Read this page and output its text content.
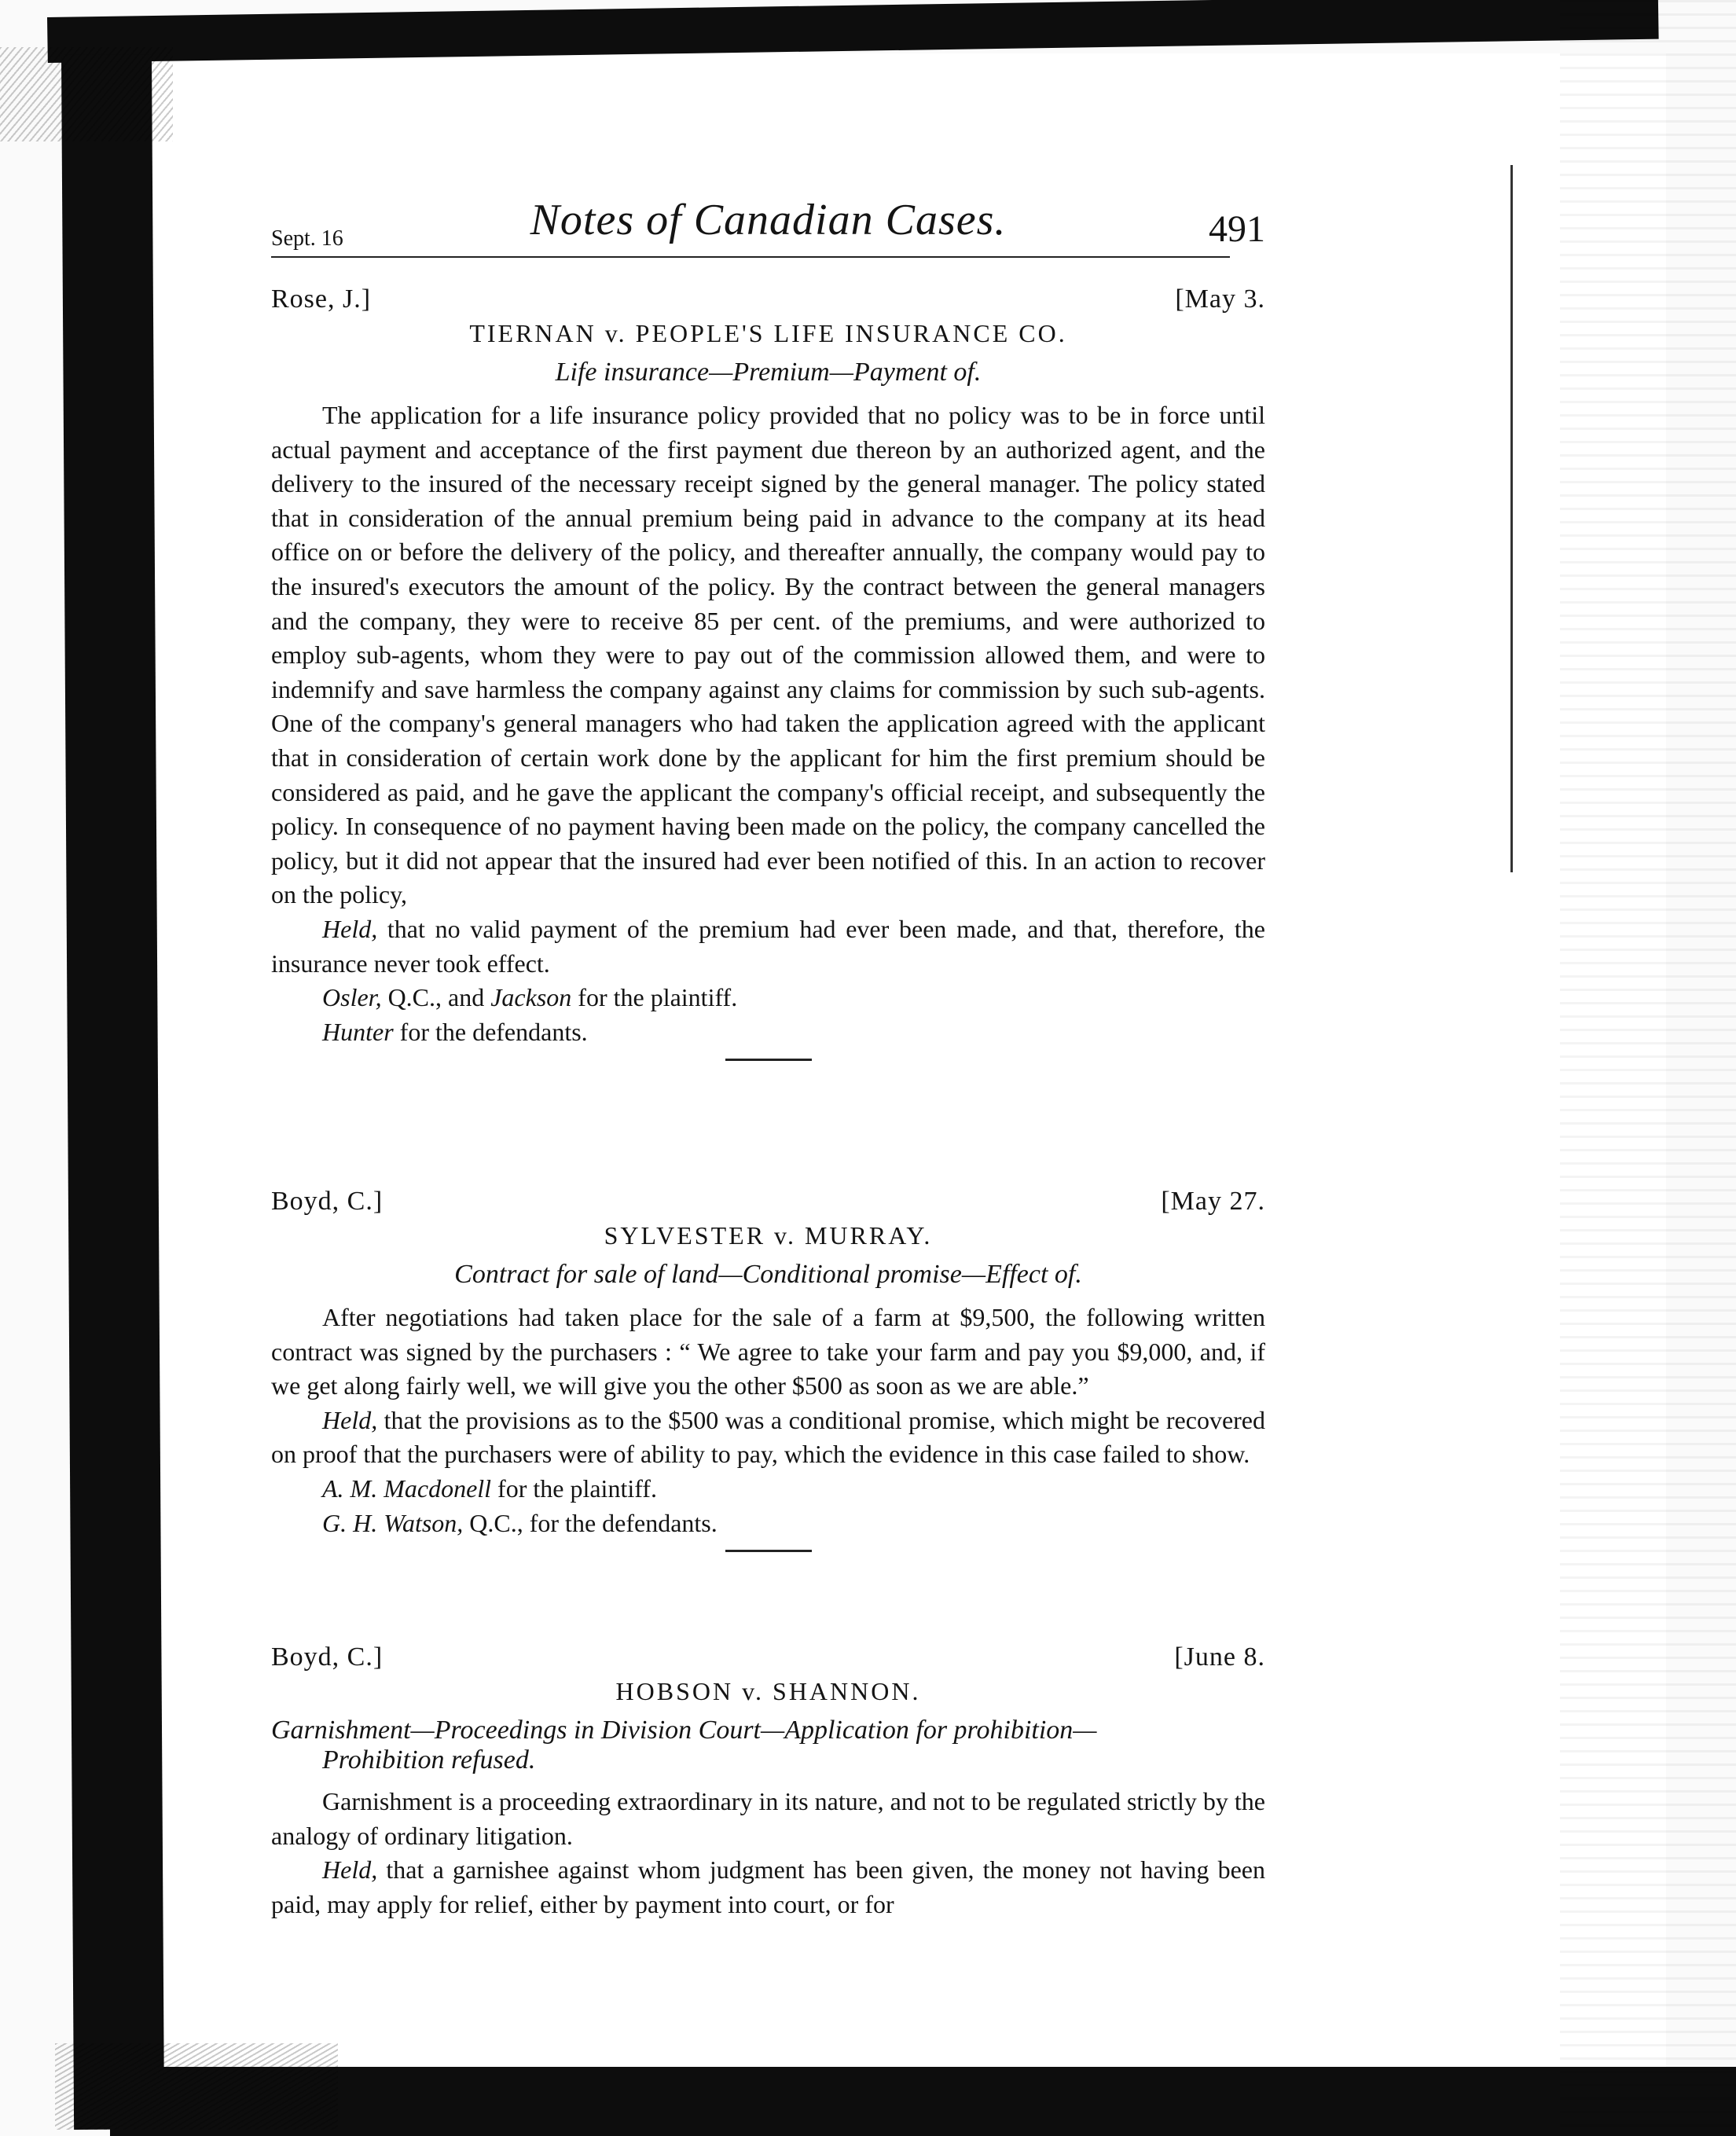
Sept. 16	Notes of Canadian Cases.	491
Rose, J.]	[May 3.
TIERNAN v. PEOPLE'S LIFE INSURANCE CO.
Life insurance—Premium—Payment of.

The application for a life insurance policy provided that no policy was to be in force until actual payment and acceptance of the first payment due thereon by an authorized agent, and the delivery to the insured of the necessary receipt signed by the general manager. The policy stated that in consideration of the annual premium being paid in advance to the company at its head office on or before the delivery of the policy, and thereafter annually, the company would pay to the insured's executors the amount of the policy. By the contract between the general managers and the company, they were to receive 85 per cent. of the premiums, and were authorized to employ sub-agents, whom they were to pay out of the commission allowed them, and were to indemnify and save harmless the company against any claims for commission by such sub-agents. One of the company's general managers who had taken the application agreed with the applicant that in consideration of certain work done by the applicant for him the first premium should be considered as paid, and he gave the applicant the company's official receipt, and subsequently the policy. In consequence of no payment having been made on the policy, the company cancelled the policy, but it did not appear that the insured had ever been notified of this. In an action to recover on the policy,

Held, that no valid payment of the premium had ever been made, and that, therefore, the insurance never took effect.

Osler, Q.C., and Jackson for the plaintiff.
Hunter for the defendants.
Boyd, C.]	[May 27.
SYLVESTER v. MURRAY.
Contract for sale of land—Conditional promise—Effect of.

After negotiations had taken place for the sale of a farm at $9,500, the following written contract was signed by the purchasers : “ We agree to take your farm and pay you $9,000, and, if we get along fairly well, we will give you the other $500 as soon as we are able.”

Held, that the provisions as to the $500 was a conditional promise, which might be recovered on proof that the purchasers were of ability to pay, which the evidence in this case failed to show.

A. M. Macdonell for the plaintiff.
G. H. Watson, Q.C., for the defendants.
Boyd, C.]	[June 8.
HOBSON v. SHANNON.
Garnishment—Proceedings in Division Court—Application for prohibition—
Prohibition refused.

Garnishment is a proceeding extraordinary in its nature, and not to be regulated strictly by the analogy of ordinary litigation.

Held, that a garnishee against whom judgment has been given, the money not having been paid, may apply for relief, either by payment into court, or for
